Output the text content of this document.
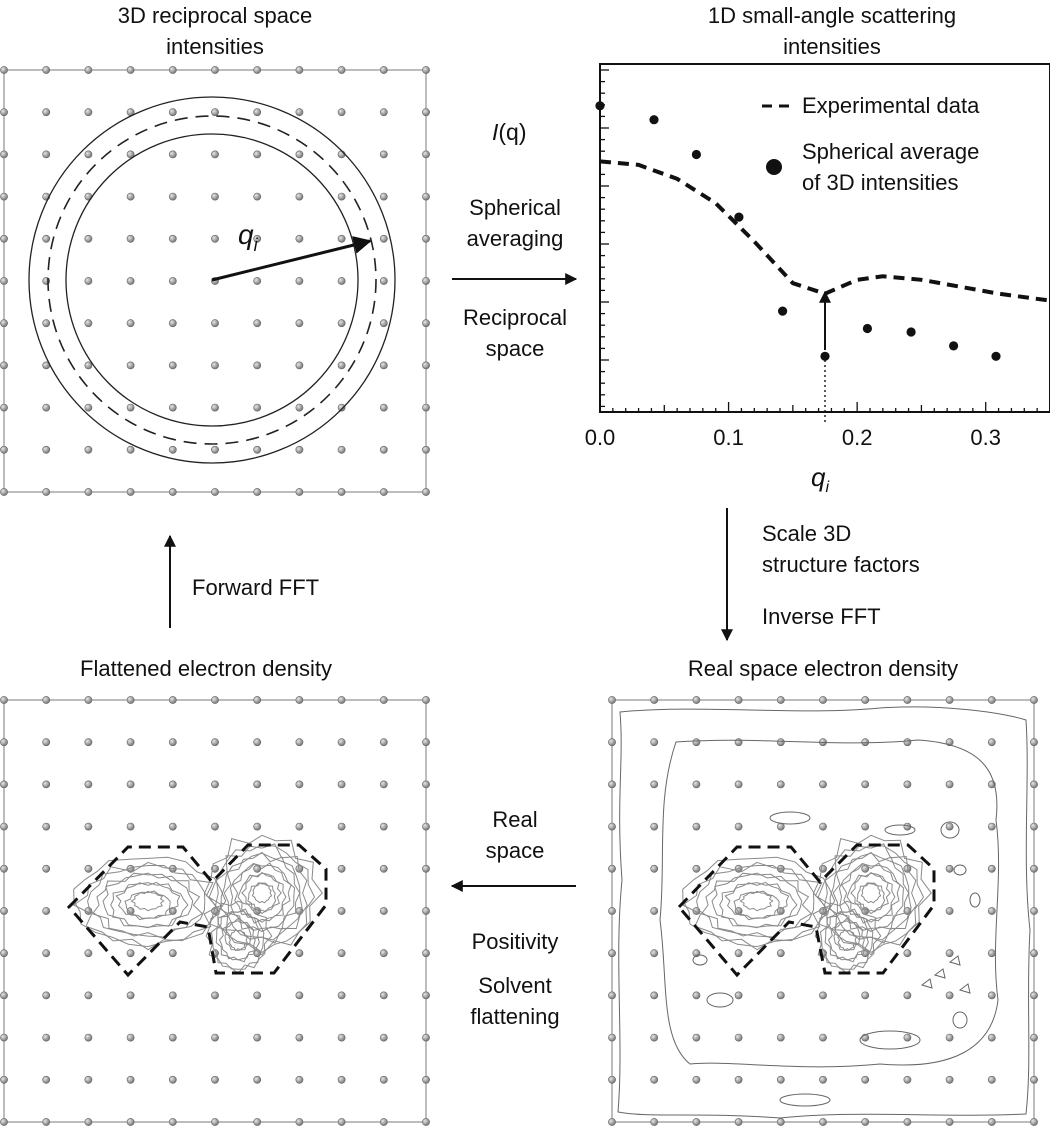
$q_i$
3D reciprocal space
intensities
1D small-angle scattering
intensities
I(q)
Experimental data
Spherical average
of 3D intensities
0.0	0.1	0.2	0.3
$q_i$
Spherical
averaging
Reciprocal
space
Scale 3D
structure factors
Inverse FFT
Real space electron density
Flattened electron density
Real
space
Positivity
Solvent
flattening
Forward FFT
